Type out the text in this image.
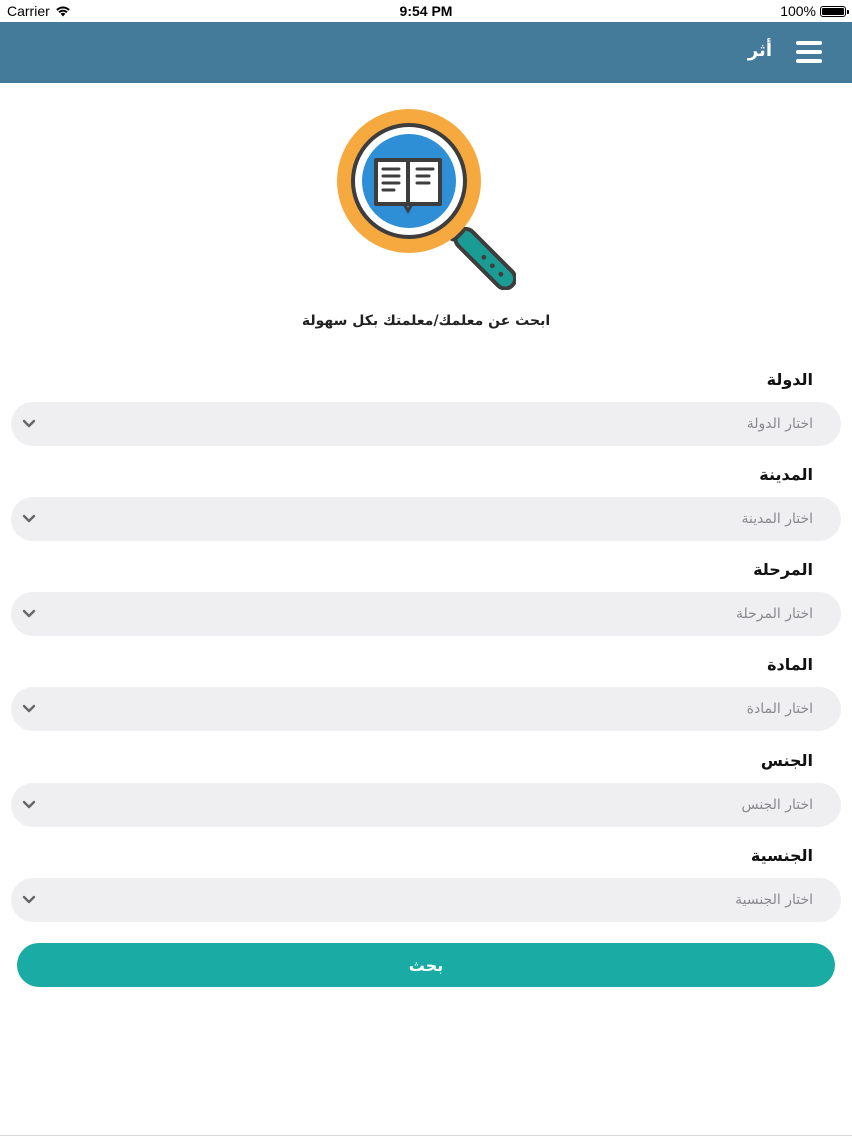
Carrier	9:54 PM	100%
أثر
ابحث عن معلمك/معلمتك بكل سهولة
الدولة
اختار الدولة
المدينة
اختار المدينة
المرحلة
اختار المرحلة
المادة
اختار المادة
الجنس
اختار الجنس
الجنسية
اختار الجنسية
بحث
